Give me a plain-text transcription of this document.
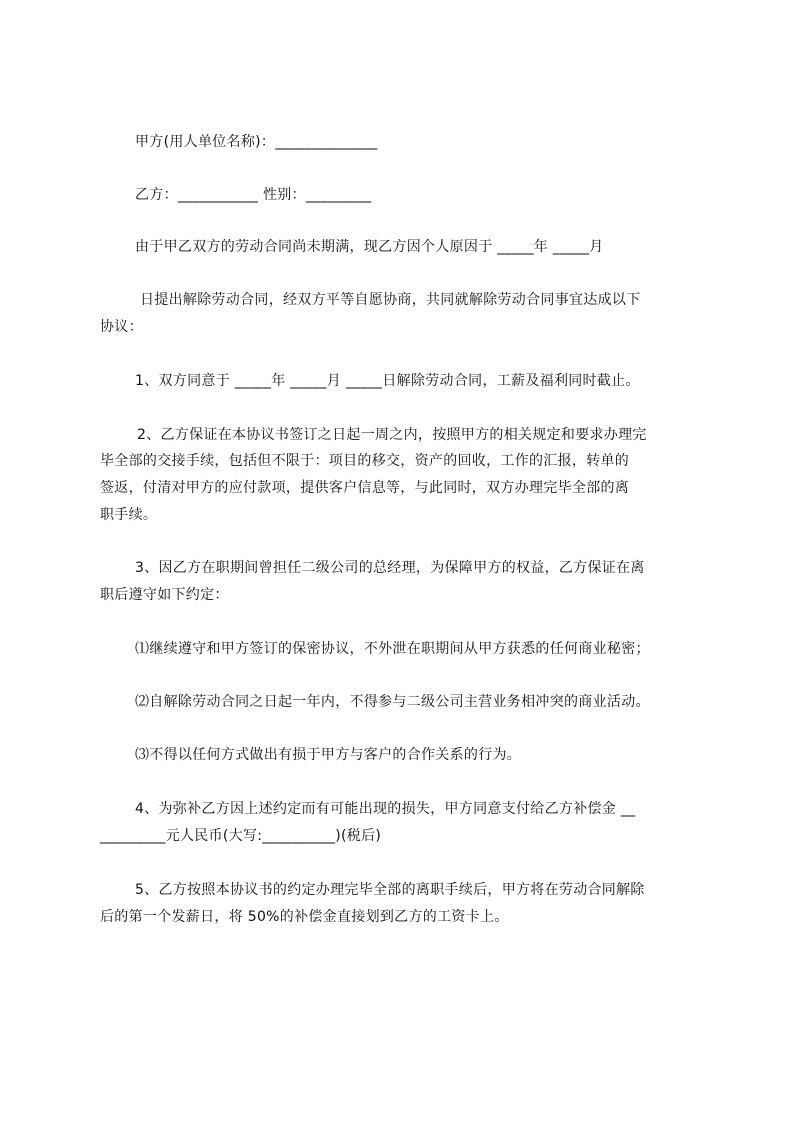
甲方(用人单位名称)：______________
乙方：___________ 性别：_________
由于甲乙双方的劳动合同尚未期满，现乙方因个人原因于 _____年 _____月
日提出解除劳动合同，经双方平等自愿协商，共同就解除劳动合同事宜达成以下
协议：
1、双方同意于 _____年 _____月 _____日解除劳动合同，工薪及福利同时截止。
2、乙方保证在本协议书签订之日起一周之内，按照甲方的相关规定和要求办理完
毕全部的交接手续，包括但不限于：项目的移交，资产的回收，工作的汇报，转单的
签返，付清对甲方的应付款项，提供客户信息等，与此同时，双方办理完毕全部的离
职手续。
3、因乙方在职期间曾担任二级公司的总经理，为保障甲方的权益，乙方保证在离
职后遵守如下约定：
⑴继续遵守和甲方签订的保密协议，不外泄在职期间从甲方获悉的任何商业秘密；
⑵自解除劳动合同之日起一年内，不得参与二级公司主营业务相冲突的商业活动。
⑶不得以任何方式做出有损于甲方与客户的合作关系的行为。
4、为弥补乙方因上述约定而有可能出现的损失，甲方同意支付给乙方补偿金 __
_________元人民币(大写:__________)(税后)
5、乙方按照本协议书的约定办理完毕全部的离职手续后，甲方将在劳动合同解除
后的第一个发薪日，将 50%的补偿金直接划到乙方的工资卡上。
